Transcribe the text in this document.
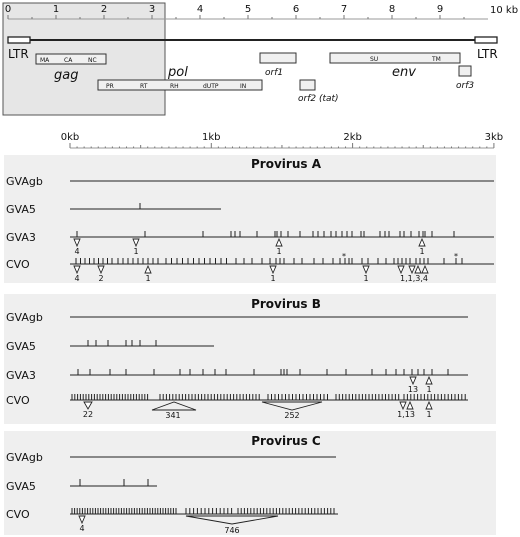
0	1	2	3	4	5	6	7	8	9	10 kb
LTR	LTR
MA CA	NC
gag
PR	RT	RH	dUTP	IN
pol	orf1
orf2 (tat)
orf3
SU	TM
env
0kb	1kb	2kb	3kb
Provirus A
GVAgb
GVA5
GVA3
4	1	1	1
CVO
*	*
4 2	1	1	1	1,1,3,4
Provirus B
GVAgb
GVA5
GVA3
13 1
CVO
22	341	252	1,13 1
Provirus C
GVAgb
GVA5
CVO
4	746
